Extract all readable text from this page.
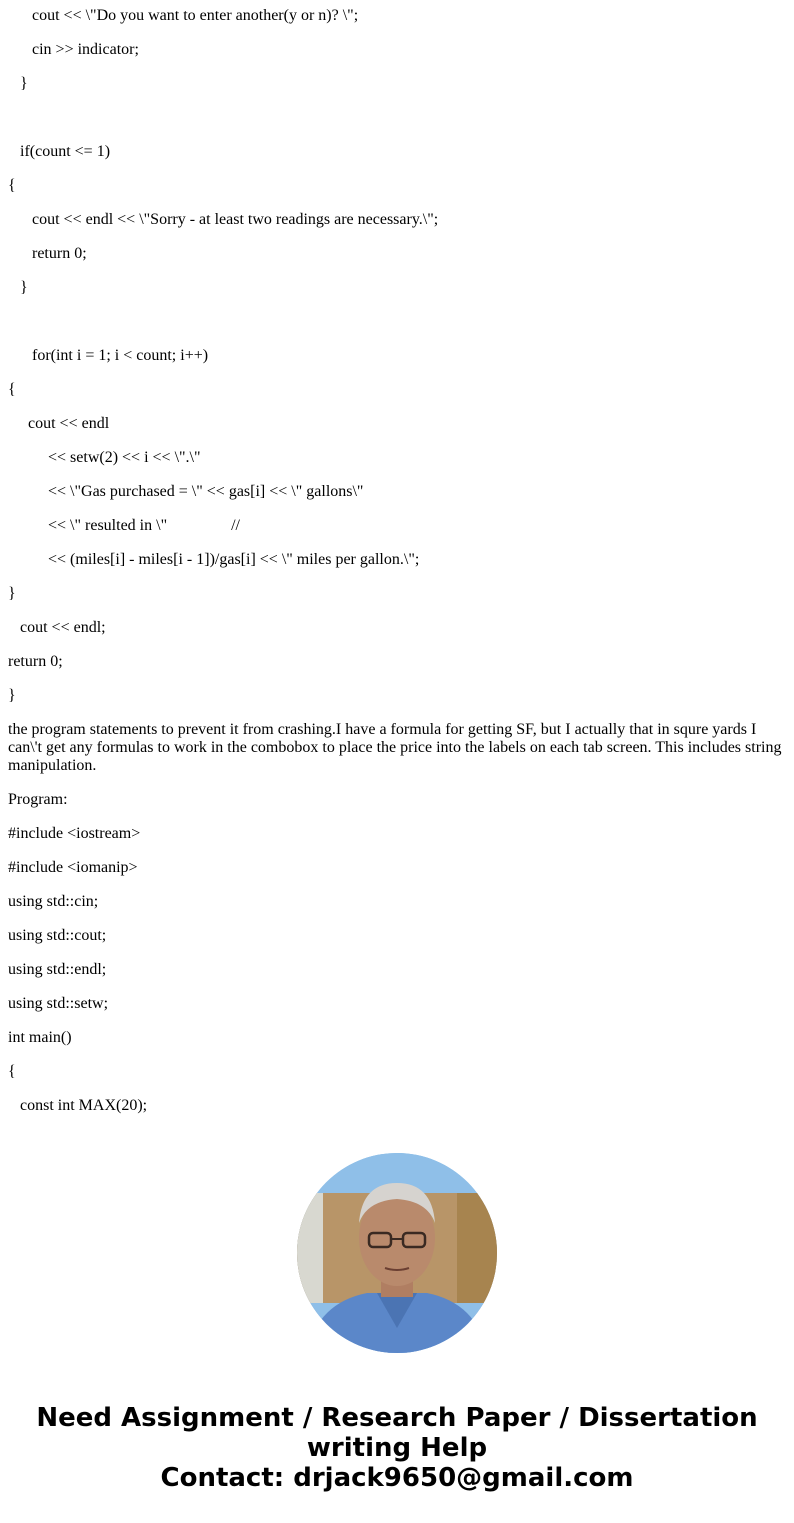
cout << \"Do you want to enter another(y or n)? \";
cin >> indicator;
}
if(count <= 1)
{
cout << endl << \"Sorry - at least two readings are necessary.\";
return 0;
}
for(int i = 1; i < count; i++)
{
cout << endl
<< setw(2) << i << \".\"
<< \"Gas purchased = \" << gas[i] << \" gallons\"
<< \" resulted in \"                //
<< (miles[i] - miles[i - 1])/gas[i] << \" miles per gallon.\";
}
cout << endl;
return 0;
}
the program statements to prevent it from crashing.I have a formula for getting SF, but I actually that in squre yards I can\'t get any formulas to work in the combobox to place the price into the labels on each tab screen. This includes string manipulation.
Program:
#include <iostream>
#include <iomanip>
using std::cin;
using std::cout;
using std::endl;
using std::setw;
int main()
{
const int MAX(20);
Need Assignment / Research Paper / Dissertation
writing Help
Contact: drjack9650@gmail.com
